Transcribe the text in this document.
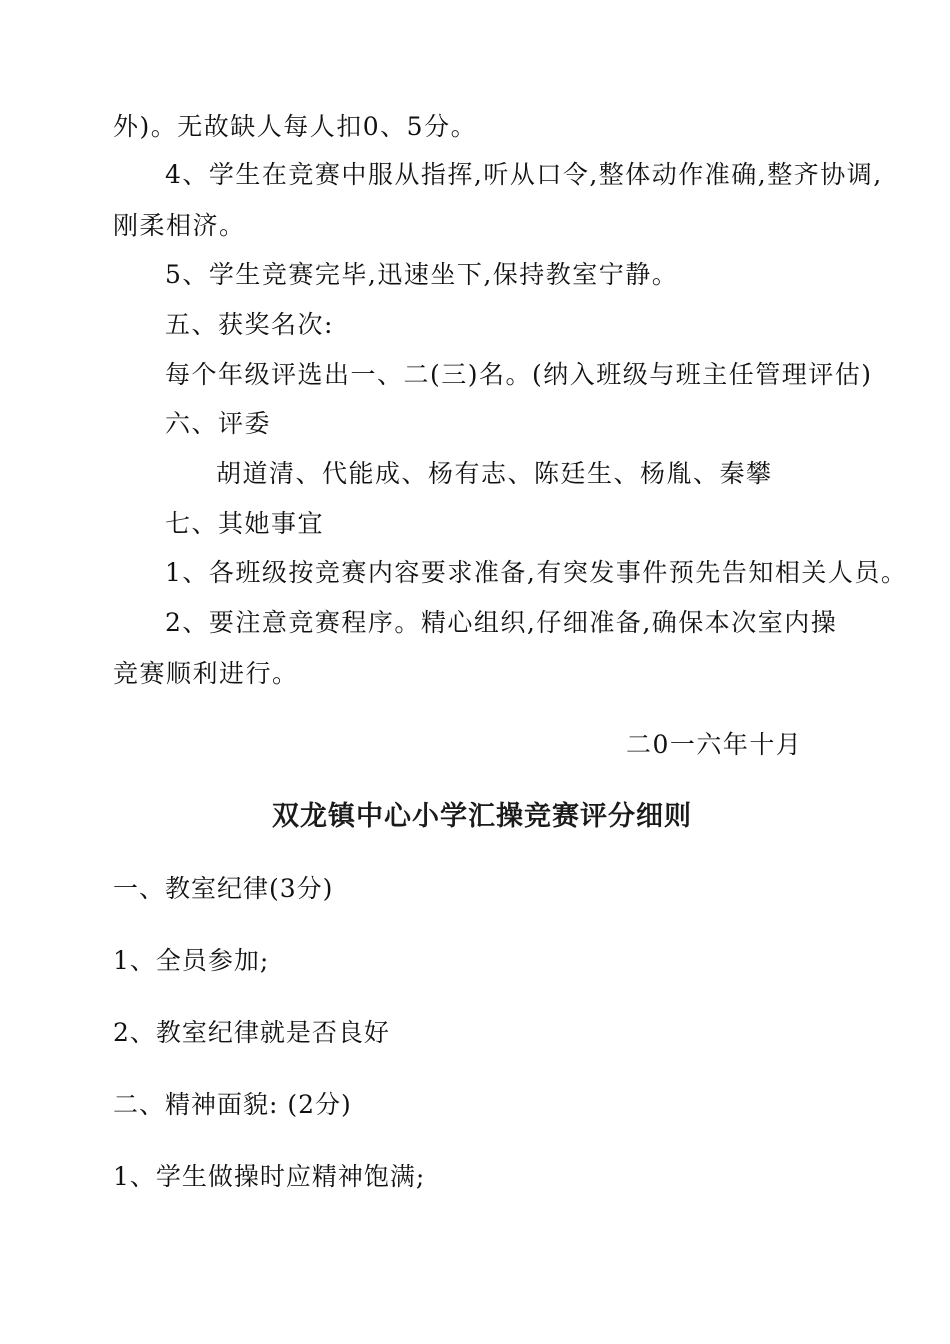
外)。无故缺人每人扣0、5分。
4、学生在竞赛中服从指挥,听从口令,整体动作准确,整齐协调,
刚柔相济。
5、学生竞赛完毕,迅速坐下,保持教室宁静。
五、获奖名次:
每个年级评选出一、二(三)名。(纳入班级与班主任管理评估)
六、评委
胡道清、代能成、杨有志、陈廷生、杨胤、秦攀
七、其她事宜
1、各班级按竞赛内容要求准备,有突发事件预先告知相关人员。
2、要注意竞赛程序。精心组织,仔细准备,确保本次室内操
竞赛顺利进行。
二0一六年十月
双龙镇中心小学汇操竞赛评分细则
一、教室纪律(3分)
1、全员参加;
2、教室纪律就是否良好
二、精神面貌: (2分)
1、学生做操时应精神饱满;
